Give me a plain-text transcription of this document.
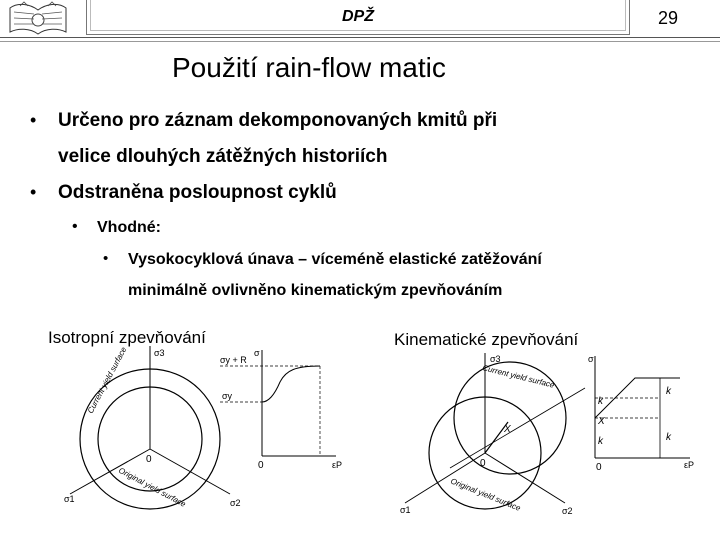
DPŽ	29
Použití rain-flow matic
• Určeno pro záznam dekomponovaných kmitů při
velice dlouhých zátěžných historiích
• Odstraněna posloupnost cyklů
• Vhodné:
• Vysokocyklová únava – víceméně elastické zatěžování
minimálně ovlivněno kinematickým zpevňováním
Isotropní zpevňování	Kinematické zpevňování
σ3
σ1	σ2
σ
σy + R
σy
0
0	εP
Current yield surface
Original yield surface
σ3
σ1	σ2
σ
X
X
k
k
k
k
0	0	εP
Current yield surface
Original yield surface
